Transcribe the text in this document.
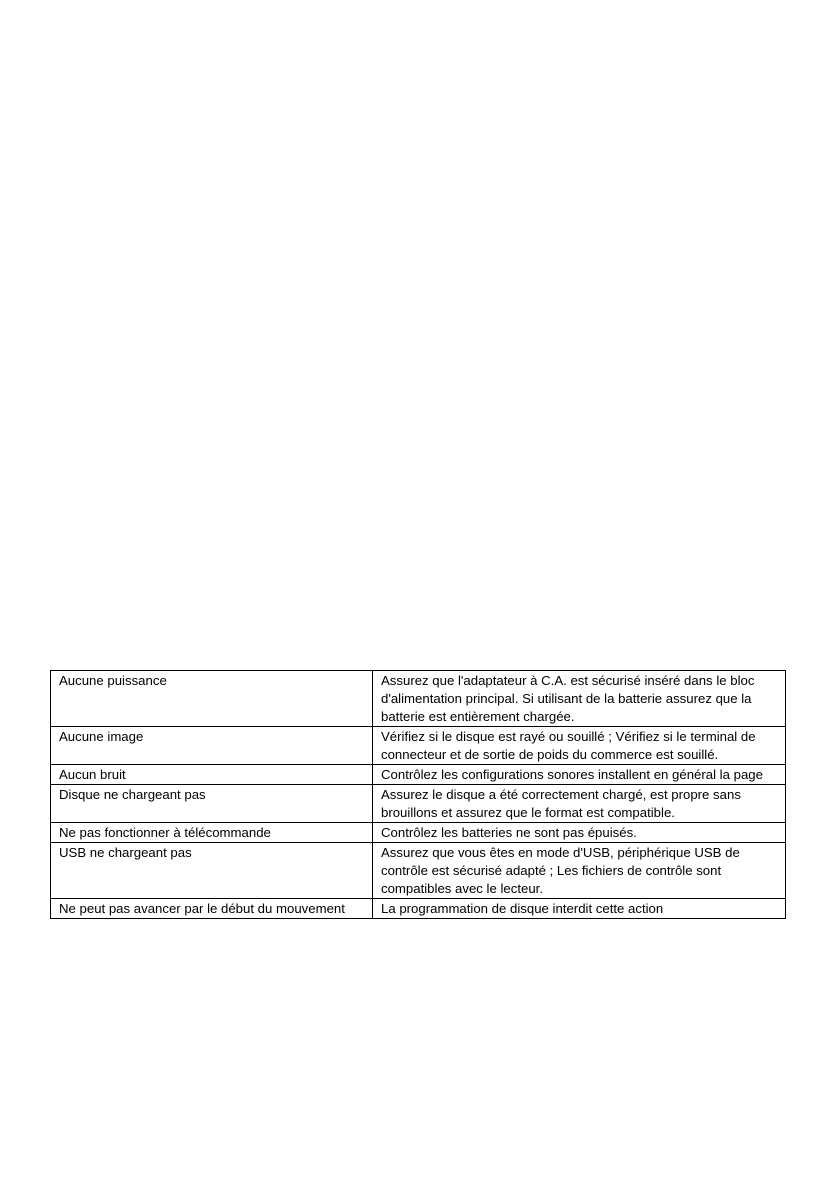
Aucune puissance	Assurez que l'adaptateur à C.A. est sécurisé inséré dans le bloc d'alimentation principal. Si utilisant de la batterie assurez que la batterie est entièrement chargée.
Aucune image	Vérifiez si le disque est rayé ou souillé ; Vérifiez si le terminal de connecteur et de sortie de poids du commerce est souillé.
Aucun bruit	Contrôlez les configurations sonores installent en général la page
Disque ne chargeant pas	Assurez le disque a été correctement chargé, est propre sans brouillons et assurez que le format est compatible.
Ne pas fonctionner à télécommande	Contrôlez les batteries ne sont pas épuisés.
USB ne chargeant pas	Assurez que vous êtes en mode d'USB, périphérique USB de contrôle est sécurisé adapté ; Les fichiers de contrôle sont compatibles avec le lecteur.
Ne peut pas avancer par le début du mouvement	La programmation de disque interdit cette action
